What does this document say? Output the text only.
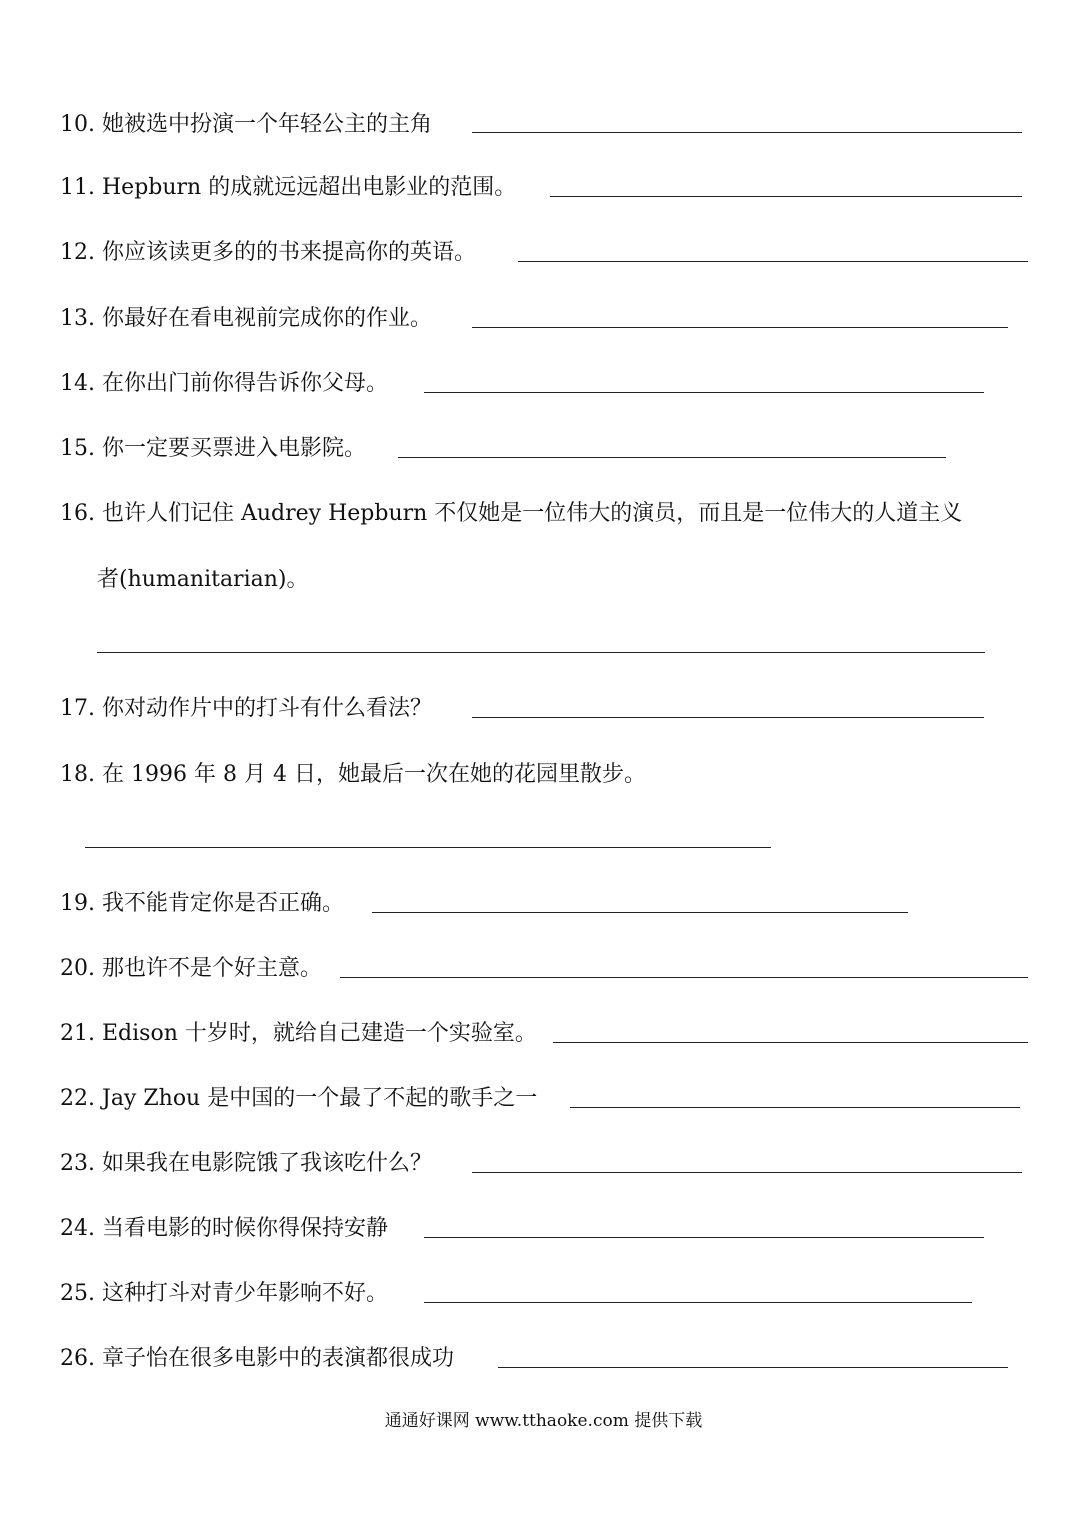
10. 她被选中扮演一个年轻公主的主角
11. Hepburn 的成就远远超出电影业的范围。
12. 你应该读更多的的书来提高你的英语。
13. 你最好在看电视前完成你的作业。
14. 在你出门前你得告诉你父母。
15. 你一定要买票进入电影院。
16. 也许人们记住 Audrey Hepburn 不仅她是一位伟大的演员，而且是一位伟大的人道主义
者(humanitarian)。
17. 你对动作片中的打斗有什么看法？
18. 在 1996 年 8 月 4 日，她最后一次在她的花园里散步。
19. 我不能肯定你是否正确。
20. 那也许不是个好主意。
21. Edison 十岁时，就给自己建造一个实验室。
22. Jay Zhou 是中国的一个最了不起的歌手之一
23. 如果我在电影院饿了我该吃什么？
24. 当看电影的时候你得保持安静
25. 这种打斗对青少年影响不好。
26. 章子怡在很多电影中的表演都很成功
通通好课网 www.tthaoke.com 提供下载
